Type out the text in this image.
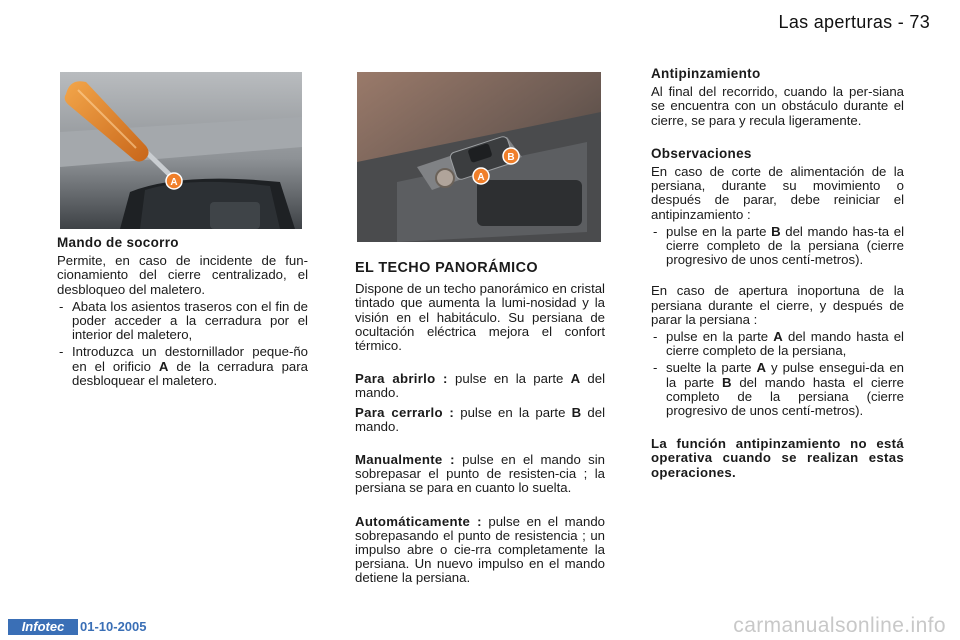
Las aperturas - 73
A	A
B

Mando de socorro

Permite, en caso de incidente de fun-cionamiento del cierre centralizado, el desbloqueo del maletero.

- Abata los asientos traseros con el fin de poder acceder a la cerradura por el interior del maletero,
- Introduzca un destornillador peque-ño en el orificio A de la cerradura para desbloquear el maletero.

EL TECHO PANORÁMICO

Dispone de un techo panorámico en cristal tintado que aumenta la lumi-nosidad y la visión en el habitáculo. Su persiana de ocultación eléctrica mejora el confort térmico.

Para abrirlo : pulse en la parte A del mando.

Para cerrarlo : pulse en la parte B del mando.

Manualmente : pulse en el mando sin sobrepasar el punto de resisten-cia ; la persiana se para en cuanto lo suelta.

Automáticamente : pulse en el mando sobrepasando el punto de resistencia ; un impulso abre o cie-rra completamente la persiana. Un nuevo impulso en el mando detiene la persiana.

Antipinzamiento

Al final del recorrido, cuando la per-siana se encuentra con un obstáculo durante el cierre, se para y recula ligeramente.

Observaciones

En caso de corte de alimentación de la persiana, durante su movimiento o después de parar, debe reiniciar el antipinzamiento :

- pulse en la parte B del mando has-ta el cierre completo de la persiana (cierre progresivo de unos centí-metros).

En caso de apertura inoportuna de la persiana durante el cierre, y después de parar la persiana :

- pulse en la parte A del mando hasta el cierre completo de la persiana,
- suelte la parte A y pulse ensegui-da en la parte B del mando hasta el cierre completo de la persiana (cierre progresivo de unos centí-metros).

La función antipinzamiento no está operativa cuando se realizan estas operaciones.

Infotec	01-10-2005	carmanualsonline.info
